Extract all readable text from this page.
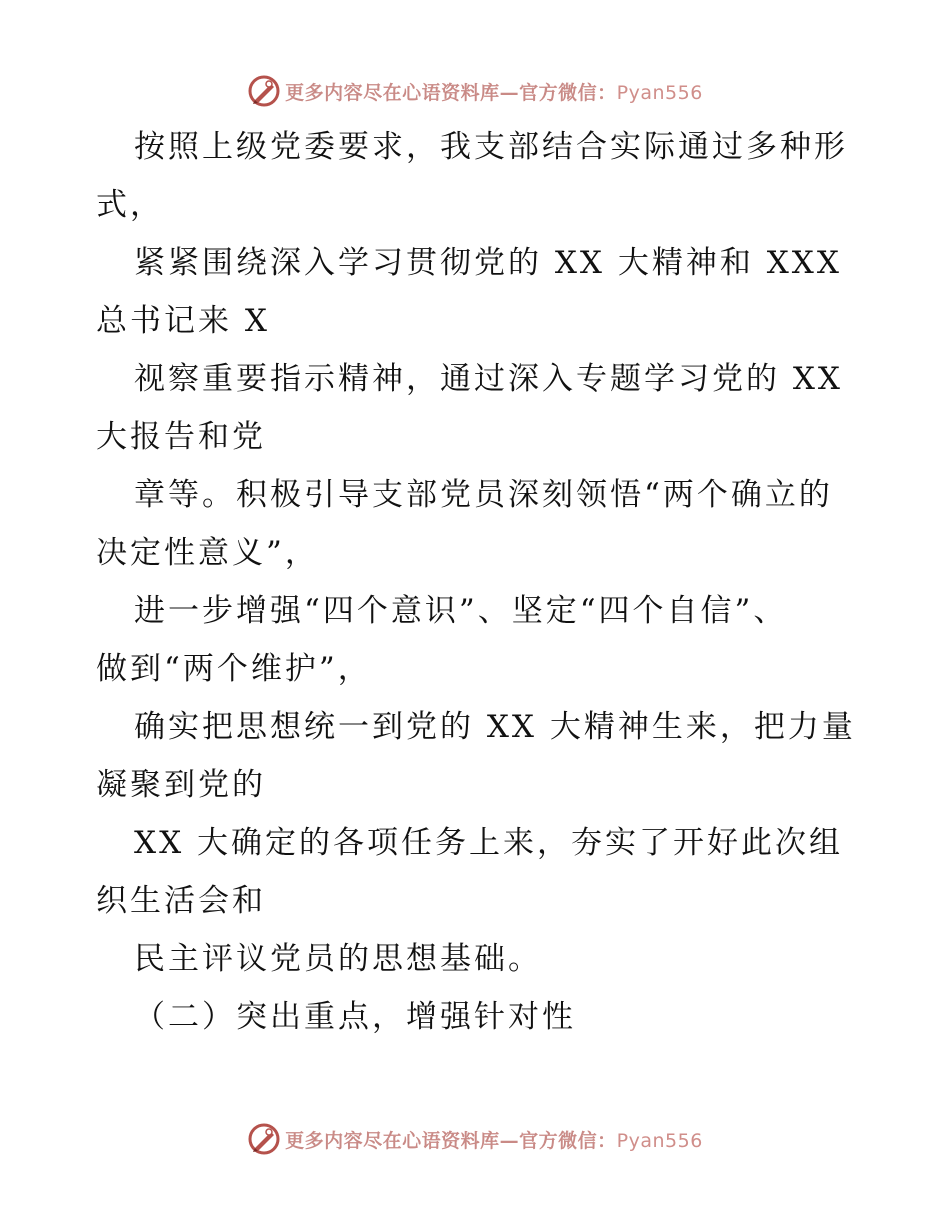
更多内容尽在心语资料库—官方微信：Pyan556
按照上级党委要求，我支部结合实际通过多种形
式，
紧紧围绕深入学习贯彻党的 XX 大精神和 XXX
总书记来 X
视察重要指示精神，通过深入专题学习党的 XX
大报告和党
章等。积极引导支部党员深刻领悟“两个确立的
决定性意义”，
进一步增强“四个意识”、坚定“四个自信”、
做到“两个维护”，
确实把思想统一到党的 XX 大精神生来，把力量
凝聚到党的
XX 大确定的各项任务上来，夯实了开好此次组
织生活会和
民主评议党员的思想基础。
（二）突出重点，增强针对性
更多内容尽在心语资料库—官方微信：Pyan556
